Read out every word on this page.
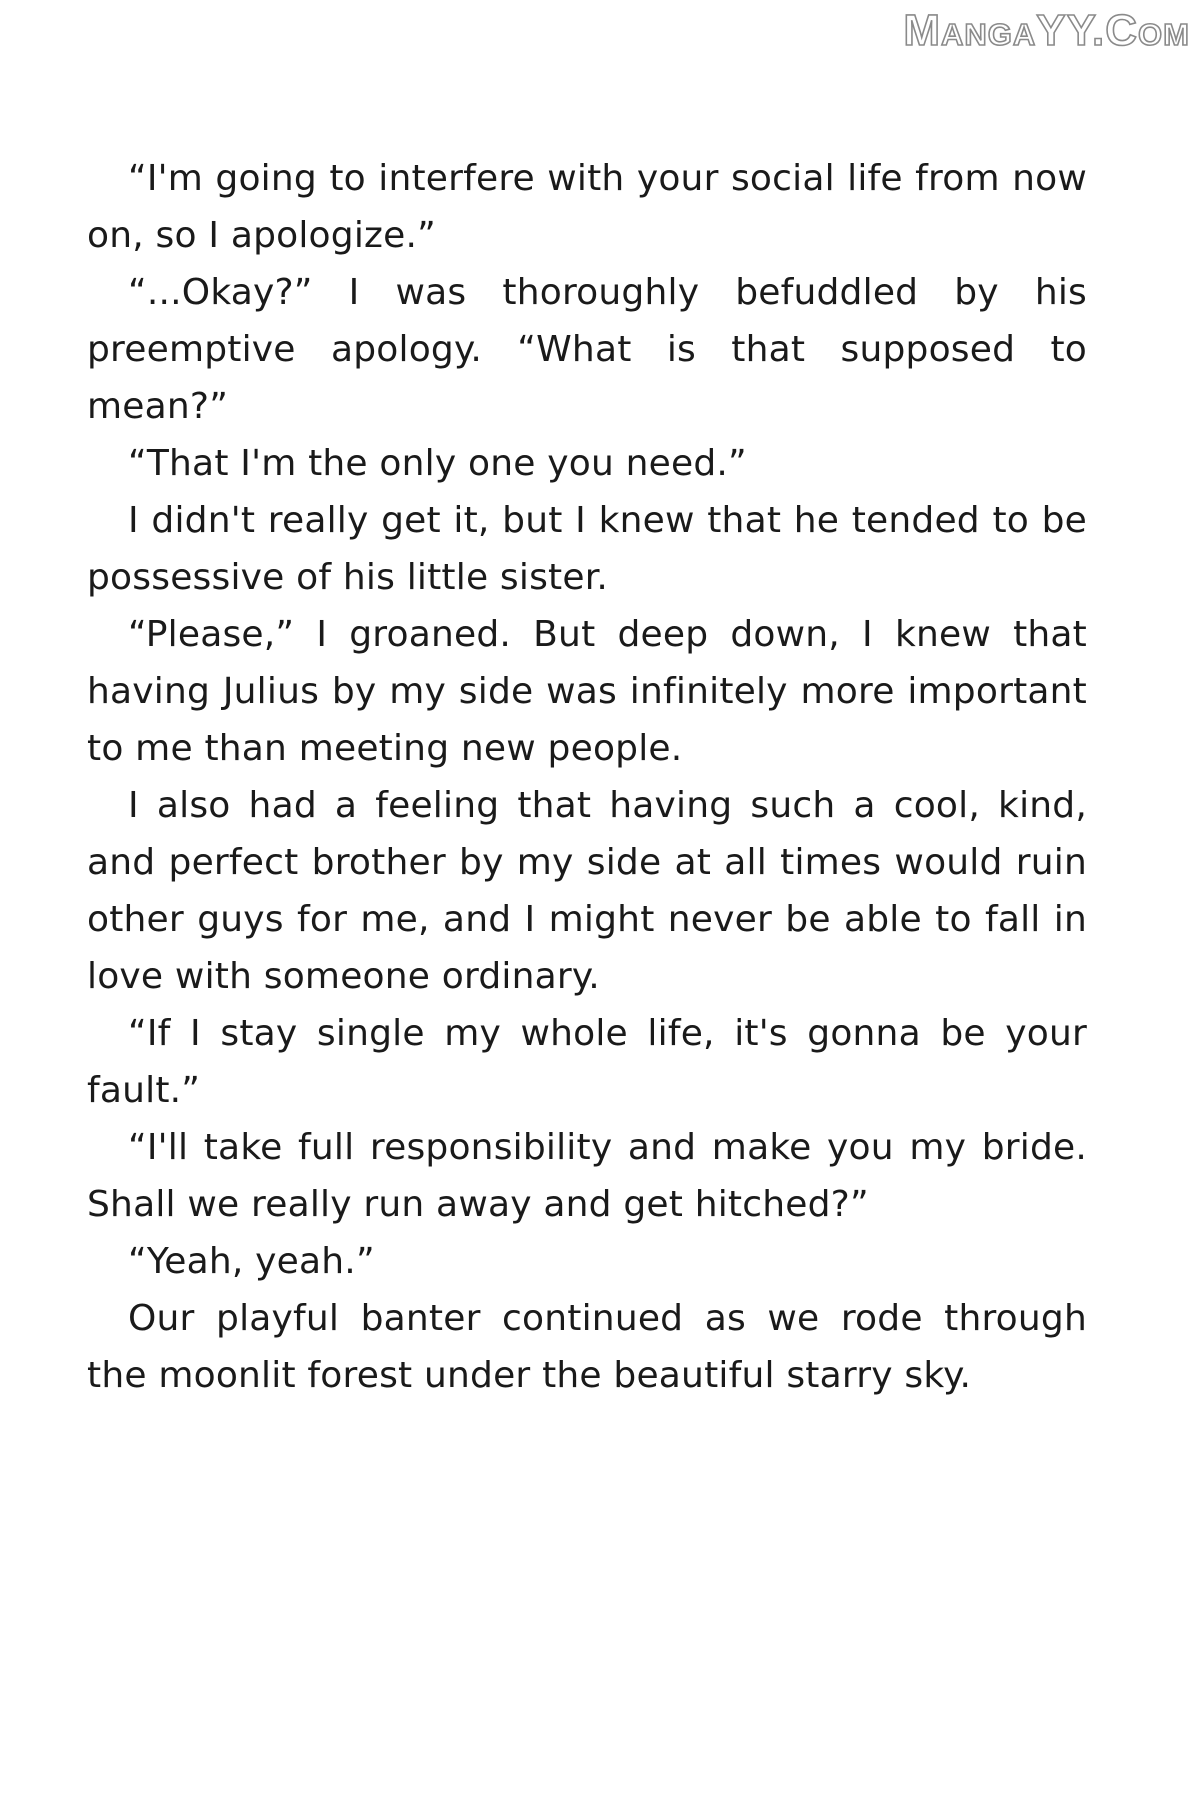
MangaYY.Com

“I'm going to interfere with your social life from now on, so I apologize.”

“...Okay?” I was thoroughly befuddled by his preemptive apology. “What is that supposed to mean?”

“That I'm the only one you need.”

I didn't really get it, but I knew that he tended to be possessive of his little sister.

“Please,” I groaned. But deep down, I knew that having Julius by my side was infinitely more important to me than meeting new people.

I also had a feeling that having such a cool, kind, and perfect brother by my side at all times would ruin other guys for me, and I might never be able to fall in love with someone ordinary.

“If I stay single my whole life, it's gonna be your fault.”

“I'll take full responsibility and make you my bride. Shall we really run away and get hitched?”

“Yeah, yeah.”

Our playful banter continued as we rode through the moonlit forest under the beautiful starry sky.
